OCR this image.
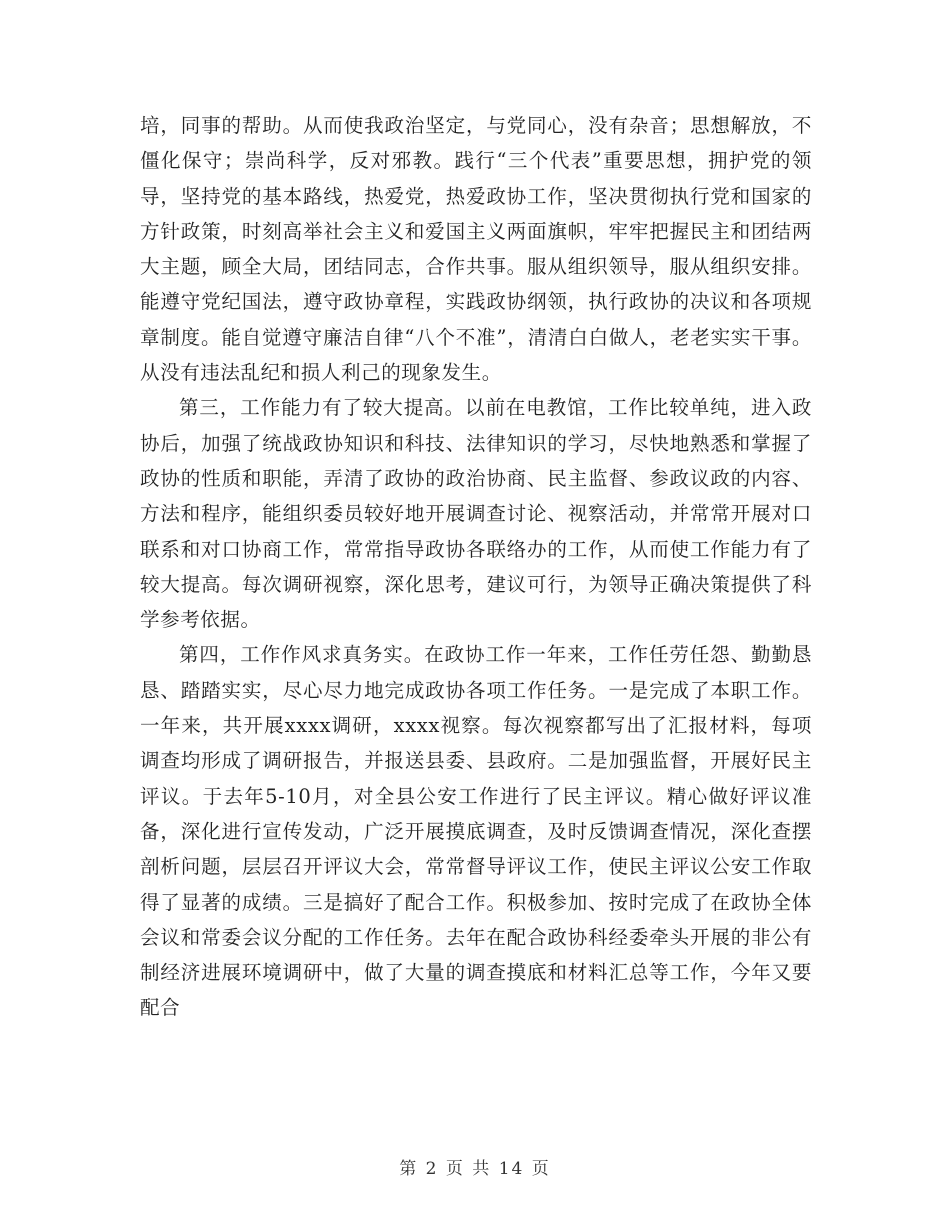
培，同事的帮助。从而使我政治坚定，与党同心，没有杂音；思想解放，不僵化保守；崇尚科学，反对邪教。践行“三个代表”重要思想，拥护党的领导，坚持党的基本路线，热爱党，热爱政协工作，坚决贯彻执行党和国家的方针政策，时刻高举社会主义和爱国主义两面旗帜，牢牢把握民主和团结两大主题，顾全大局，团结同志，合作共事。服从组织领导，服从组织安排。能遵守党纪国法，遵守政协章程，实践政协纲领，执行政协的决议和各项规章制度。能自觉遵守廉洁自律“八个不准”，清清白白做人，老老实实干事。从没有违法乱纪和损人利己的现象发生。

第三，工作能力有了较大提高。以前在电教馆，工作比较单纯，进入政协后，加强了统战政协知识和科技、法律知识的学习，尽快地熟悉和掌握了政协的性质和职能，弄清了政协的政治协商、民主监督、参政议政的内容、方法和程序，能组织委员较好地开展调查讨论、视察活动，并常常开展对口联系和对口协商工作，常常指导政协各联络办的工作，从而使工作能力有了较大提高。每次调研视察，深化思考，建议可行，为领导正确决策提供了科学参考依据。

第四，工作作风求真务实。在政协工作一年来，工作任劳任怨、勤勤恳恳、踏踏实实，尽心尽力地完成政协各项工作任务。一是完成了本职工作。一年来，共开展xxxx调研，xxxx视察。每次视察都写出了汇报材料，每项调查均形成了调研报告，并报送县委、县政府。二是加强监督，开展好民主评议。于去年5-10月，对全县公安工作进行了民主评议。精心做好评议准备，深化进行宣传发动，广泛开展摸底调查，及时反馈调查情况，深化查摆剖析问题，层层召开评议大会，常常督导评议工作，使民主评议公安工作取得了显著的成绩。三是搞好了配合工作。积极参加、按时完成了在政协全体会议和常委会议分配的工作任务。去年在配合政协科经委牵头开展的非公有制经济进展环境调研中，做了大量的调查摸底和材料汇总等工作，今年又要配合

第 2 页 共 14 页
